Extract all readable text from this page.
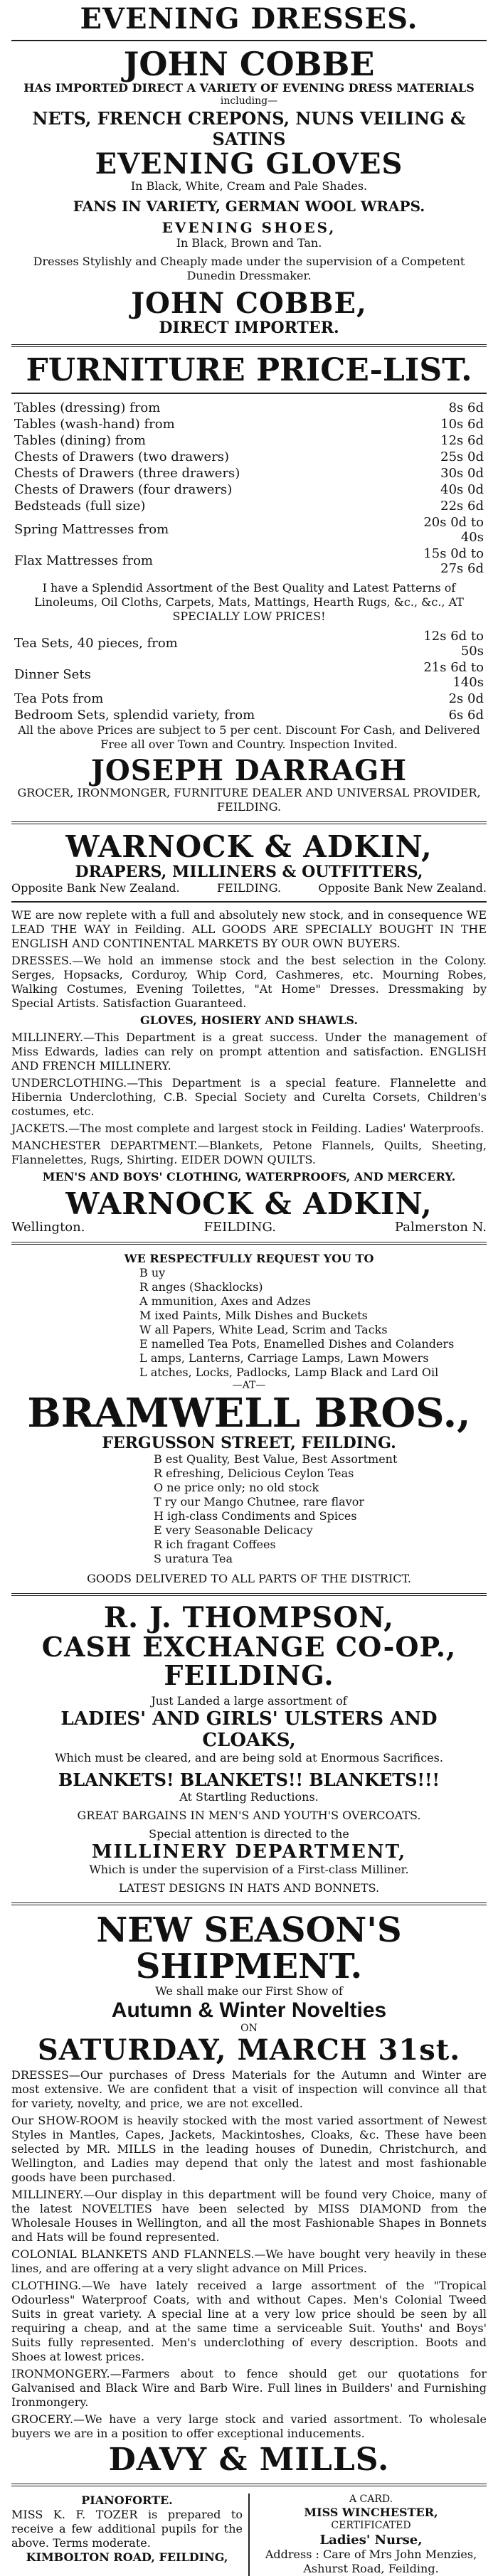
EVENING DRESSES.
JOHN COBBE
HAS IMPORTED DIRECT A VARIETY OF EVENING DRESS MATERIALS
including—
NETS, FRENCH CREPONS, NUNS VEILING & SATINS
EVENING GLOVES
In Black, White, Cream and Pale Shades.
FANS IN VARIETY, GERMAN WOOL WRAPS.
EVENING SHOES,
In Black, Brown and Tan.
Dresses Stylishly and Cheaply made under the supervision of a Competent Dunedin Dressmaker.
JOHN COBBE,
DIRECT IMPORTER.
FURNITURE PRICE-LIST.
Tables (dressing) from	8s 6d
Tables (wash-hand) from	10s 6d
Tables (dining) from	12s 6d
Chests of Drawers (two drawers)	25s 0d
Chests of Drawers (three drawers)	30s 0d
Chests of Drawers (four drawers)	40s 0d
Bedsteads (full size)	22s 6d
Spring Mattresses from	20s 0d to 40s
Flax Mattresses from	15s 0d to 27s 6d
I have a Splendid Assortment of the Best Quality and Latest Patterns of Linoleums, Oil Cloths, Carpets, Mats, Mattings, Hearth Rugs, &c., &c., AT SPECIALLY LOW PRICES!
Tea Sets, 40 pieces, from	12s 6d to 50s
Dinner Sets	21s 6d to 140s
Tea Pots from	2s 0d
Bedroom Sets, splendid variety, from	6s 6d
All the above Prices are subject to 5 per cent. Discount For Cash, and Delivered Free all over Town and Country. Inspection Invited.
JOSEPH DARRAGH
GROCER, IRONMONGER, FURNITURE DEALER AND UNIVERSAL PROVIDER, FEILDING.
WARNOCK & ADKIN,
DRAPERS, MILLINERS & OUTFITTERS,
Opposite Bank New Zealand.	FEILDING.	Opposite Bank New Zealand.
WE are now replete with a full and absolutely new stock, and in consequence WE LEAD THE WAY in Feilding. ALL GOODS ARE SPECIALLY BOUGHT IN THE ENGLISH AND CONTINENTAL MARKETS BY OUR OWN BUYERS.
DRESSES.—We hold an immense stock and the best selection in the Colony. Serges, Hopsacks, Corduroy, Whip Cord, Cashmeres, etc. Mourning Robes, Walking Costumes, Evening Toilettes, "At Home" Dresses. Dressmaking by Special Artists. Satisfaction Guaranteed.
GLOVES, HOSIERY AND SHAWLS.
MILLINERY.—This Department is a great success. Under the management of Miss Edwards, ladies can rely on prompt attention and satisfaction. ENGLISH AND FRENCH MILLINERY.
UNDERCLOTHING.—This Department is a special feature. Flannelette and Hibernia Underclothing, C.B. Special Society and Curelta Corsets, Children's costumes, etc.
JACKETS.—The most complete and largest stock in Feilding. Ladies' Waterproofs.
MANCHESTER DEPARTMENT.—Blankets, Petone Flannels, Quilts, Sheeting, Flannelettes, Rugs, Shirting. EIDER DOWN QUILTS.
MEN'S AND BOYS' CLOTHING, WATERPROOFS, AND MERCERY.
WARNOCK & ADKIN,
Wellington.	FEILDING.	Palmerston N.
WE RESPECTFULLY REQUEST YOU TO
B uy
R anges (Shacklocks)
A mmunition, Axes and Adzes
M ixed Paints, Milk Dishes and Buckets
W all Papers, White Lead, Scrim and Tacks
E namelled Tea Pots, Enamelled Dishes and Colanders
L amps, Lanterns, Carriage Lamps, Lawn Mowers
L atches, Locks, Padlocks, Lamp Black and Lard Oil
—AT—
BRAMWELL BROS.,
FERGUSSON STREET, FEILDING.
B est Quality, Best Value, Best Assortment
R efreshing, Delicious Ceylon Teas
O ne price only; no old stock
T ry our Mango Chutnee, rare flavor
H igh-class Condiments and Spices
E very Seasonable Delicacy
R ich fragant Coffees
S uratura Tea
GOODS DELIVERED TO ALL PARTS OF THE DISTRICT.
R. J. THOMPSON,
CASH EXCHANGE CO-OP., FEILDING.
Just Landed a large assortment of
LADIES' AND GIRLS' ULSTERS AND CLOAKS,
Which must be cleared, and are being sold at Enormous Sacrifices.
BLANKETS! BLANKETS!! BLANKETS!!!
At Startling Reductions.
GREAT BARGAINS IN MEN'S AND YOUTH'S OVERCOATS.
Special attention is directed to the
MILLINERY DEPARTMENT,
Which is under the supervision of a First-class Milliner.
LATEST DESIGNS IN HATS AND BONNETS.
NEW SEASON'S SHIPMENT.
We shall make our First Show of
Autumn & Winter Novelties
ON
SATURDAY, MARCH 31st.
DRESSES—Our purchases of Dress Materials for the Autumn and Winter are most extensive. We are confident that a visit of inspection will convince all that for variety, novelty, and price, we are not excelled.
Our SHOW-ROOM is heavily stocked with the most varied assortment of Newest Styles in Mantles, Capes, Jackets, Mackintoshes, Cloaks, &c. These have been selected by MR. MILLS in the leading houses of Dunedin, Christchurch, and Wellington, and Ladies may depend that only the latest and most fashionable goods have been purchased.
MILLINERY.—Our display in this department will be found very Choice, many of the latest NOVELTIES have been selected by MISS DIAMOND from the Wholesale Houses in Wellington, and all the most Fashionable Shapes in Bonnets and Hats will be found represented.
COLONIAL BLANKETS AND FLANNELS.—We have bought very heavily in these lines, and are offering at a very slight advance on Mill Prices.
CLOTHING.—We have lately received a large assortment of the "Tropical Odourless" Waterproof Coats, with and without Capes. Men's Colonial Tweed Suits in great variety. A special line at a very low price should be seen by all requiring a cheap, and at the same time a serviceable Suit. Youths' and Boys' Suits fully represented. Men's underclothing of every description. Boots and Shoes at lowest prices.
IRONMONGERY.—Farmers about to fence should get our quotations for Galvanised and Black Wire and Barb Wire. Full lines in Builders' and Furnishing Ironmongery.
GROCERY.—We have a very large stock and varied assortment. To wholesale buyers we are in a position to offer exceptional inducements.
DAVY & MILLS.
PIANOFORTE.
MISS K. F. TOZER is prepared to receive a few additional pupils for the above. Terms moderate.
KIMBOLTON ROAD, FEILDING,
A CARD.
MISS WINCHESTER,
CERTIFICATED
Ladies' Nurse,
Address : Care of Mrs John Menzies, Ashurst Road, Feilding.
